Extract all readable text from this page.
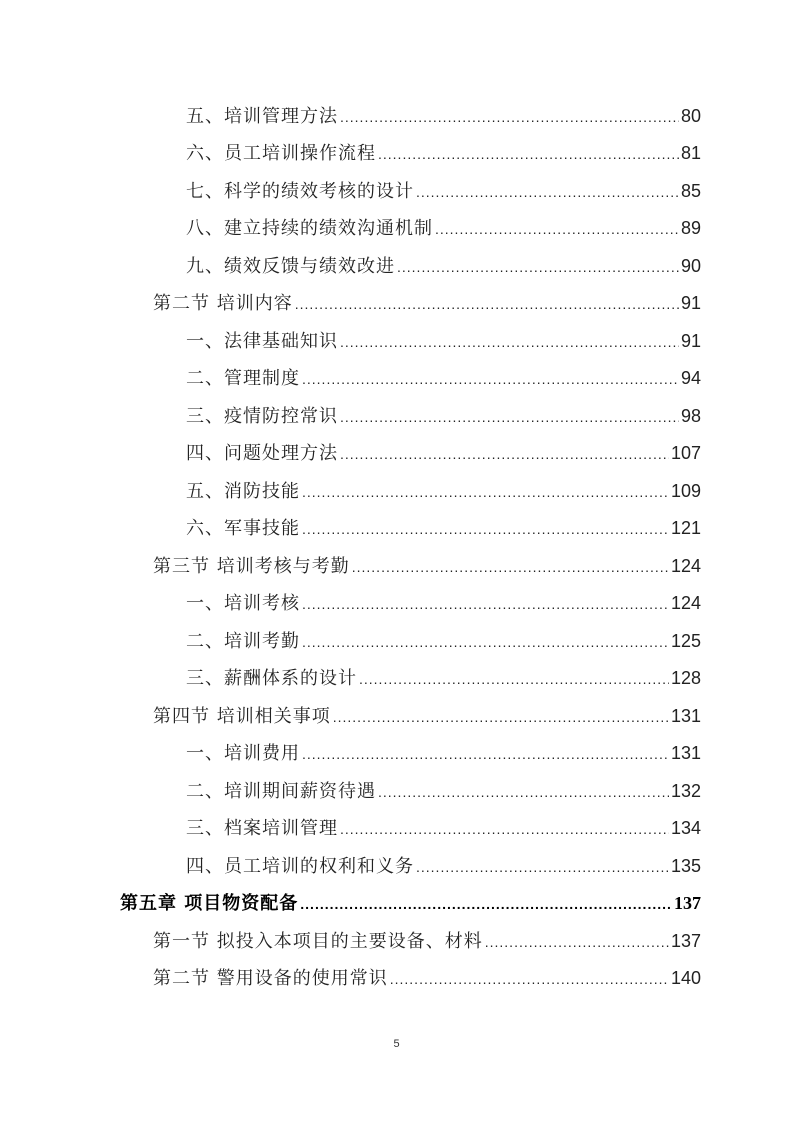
五、培训管理方法 .....	80
六、员工培训操作流程 .....	81
七、科学的绩效考核的设计 .....	85
八、建立持续的绩效沟通机制 .....	89
九、绩效反馈与绩效改进 .....	90
第二节 培训内容 .....	91
一、法律基础知识 .....	91
二、管理制度 .....	94
三、疫情防控常识 .....	98
四、问题处理方法 .....	107
五、消防技能 .....	109
六、军事技能 .....	121
第三节 培训考核与考勤 .....	124
一、培训考核 .....	124
二、培训考勤 .....	125
三、薪酬体系的设计 .....	128
第四节 培训相关事项 .....	131
一、培训费用 .....	131
二、培训期间薪资待遇 .....	132
三、档案培训管理 .....	134
四、员工培训的权利和义务 .....	135
第五章 项目物资配备 .....	137
第一节 拟投入本项目的主要设备、材料 .....	137
第二节 警用设备的使用常识 .....	140
5
